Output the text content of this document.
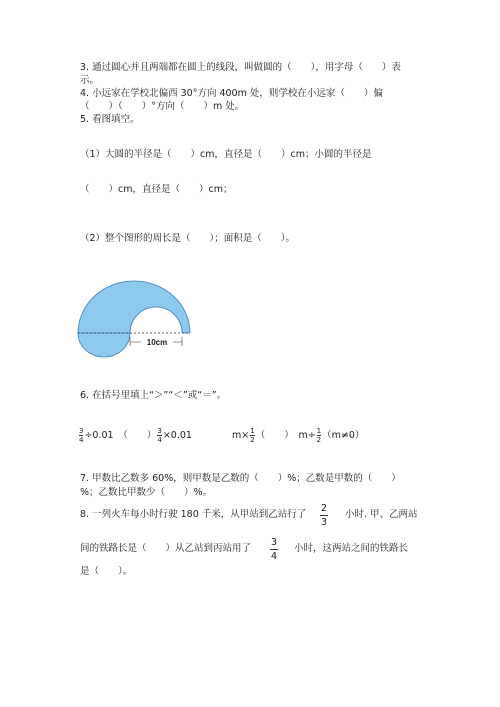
3. 通过圆心并且两端都在圆上的线段，叫做圆的（　　），用字母（　　）表
示。
4. 小远家在学校北偏西 30°方向 400m 处，则学校在小远家（　　）偏
（　　）（　　）°方向（　　）m 处。
5. 看图填空。
（1）大圆的半径是（　　）cm，直径是（　　）cm；小圆的半径是
（　　）cm，直径是（　　）cm；
（2）整个图形的周长是（　　）；面积是（　　）。
10cm
6. 在括号里填上“＞”“＜”或“＝”。
$\frac{3}{4} \div 0.01$　（　　）$\frac{3}{4} \times 0.01$	$m\times\frac{1}{2}$ （　　）　$m\div\frac{1}{2} (m\ne 0)$
7. 甲数比乙数多 60%，则甲数是乙数的（　　）%；乙数是甲数的（　　）
%；乙数比甲数少（　　）%。
8. 一列火车每小时行驶 180 千米，从甲站到乙站行了 $\frac{2}{3}$ 小时. 甲、乙两站
间的铁路长是（　　）从乙站到丙站用了 $\frac{3}{4}$ 小时，这两站之间的铁路长
是（　　）。
